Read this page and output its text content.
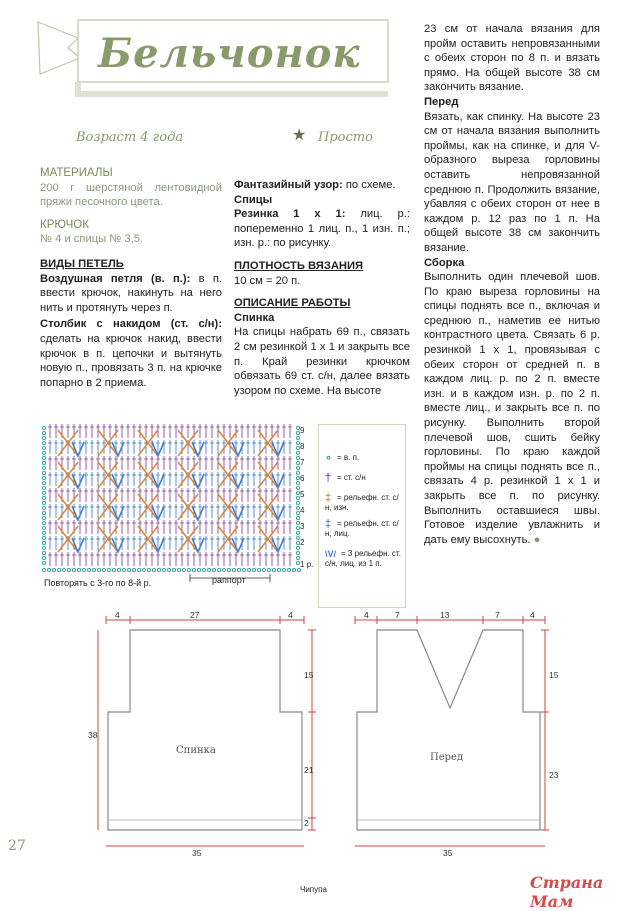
Бельчонок
Возраст 4 года	★ Просто

МАТЕРИАЛЫ

200 г шерстяной лентовидной пряжи песочного цвета.

КРЮЧОК

№ 4 и спицы № 3,5.

ВИДЫ ПЕТЕЛЬ

Воздушная петля (в. п.): в п. ввести крючок, накинуть на него нить и протянуть через п.

Столбик с накидом (ст. с/н): сделать на крючок накид, ввести крючок в п. цепочки и вытянуть новую п., провязать 3 п. на крючке попарно в 2 приема.

Фантазийный узор: по схеме.

Спицы

Резинка 1 х 1: лиц. р.: попеременно 1 лиц. п., 1 изн. п.; изн. р.: по рисунку.

ПЛОТНОСТЬ ВЯЗАНИЯ

10 см = 20 п.

ОПИСАНИЕ РАБОТЫ

Спинка

На спицы набрать 69 п., связать 2 см резинкой 1 х 1 и закрыть все п. Край резинки крючком обвязать 69 ст. с/н, далее вязать узором по схеме. На высоте

23 см от начала вязания для пройм оставить непровязанными с обеих сторон по 8 п. и вязать прямо. На общей высоте 38 см закончить вязание.

Перед

Вязать, как спинку. На высоте 23 см от начала вязания выполнить проймы, как на спинке, и для V-образного выреза горловины оставить непровязанной среднюю п. Продолжить вязание, убавляя с обеих сторон от нее в каждом р. 12 раз по 1 п. На общей высоте 38 см закончить вязание.

Сборка

Выполнить один плечевой шов. По краю выреза горловины на спицы поднять все п., включая и среднюю п., наметив ее нитью контрастного цвета. Связать 6 р. резинкой 1 х 1, провязывая с обеих сторон от средней п. в каждом лиц. р. по 2 п. вместе изн. и в каждом изн. р. по 2 п. вместе лиц., и закрыть все п. по рисунку. Выполнить второй плечевой шов, сшить бейку горловины. По краю каждой проймы на спицы поднять все п., связать 4 р. резинкой 1 х 1 и закрыть все п. по рисунку. Выполнить оставшиеся швы. Готовое изделие увлажнить и дать ему высохнуть. ●

9
8
7
6
5
4
3
2
1 р.
раппорт
Повторять с 3-го по 8-й р.
∘ = в. п.
† = ст. с/н
‡ = рельефн. ст. с/н, изн.
‡ = рельефн. ст. с/н, лиц.
\V/ = 3 рельефн. ст. с/н, лиц. из 1 п.
Спинка
4	27	4
35
38
15
21
2
Перед
4	7	13	7	4
35
15
23
27
Чипупа	Страна Мам
